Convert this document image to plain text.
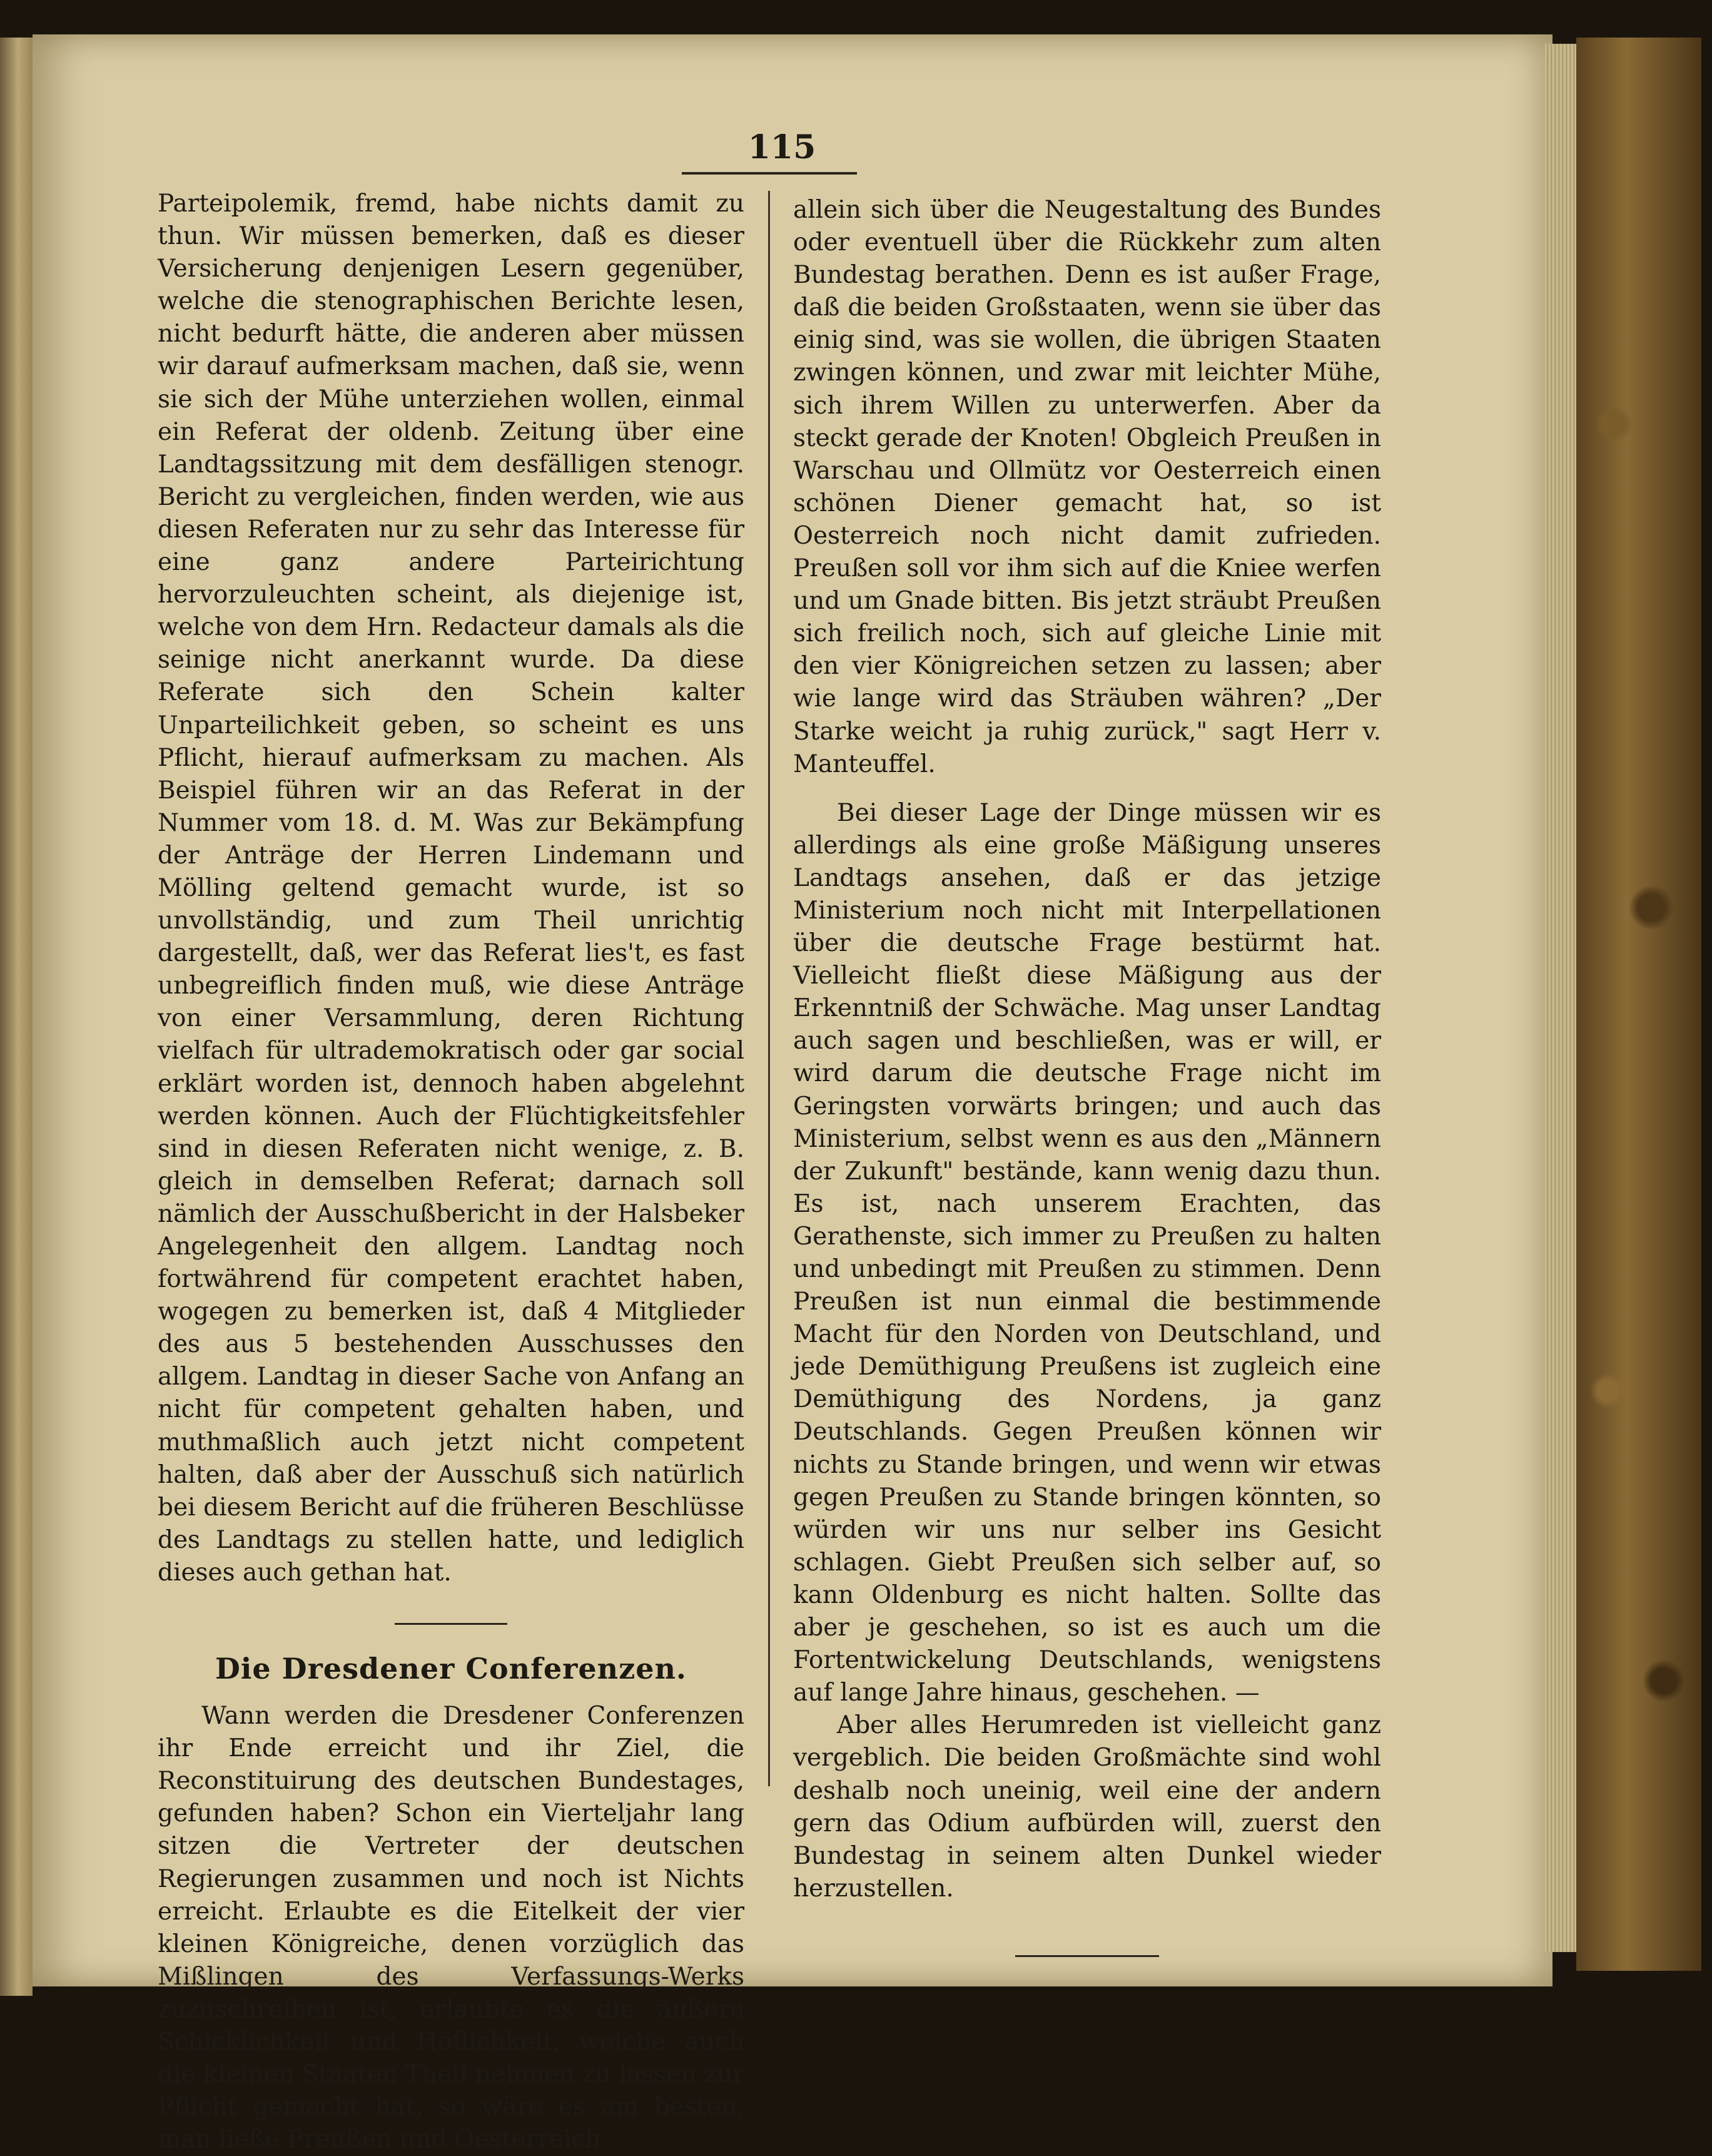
115

Parteipolemik, fremd, habe nichts damit zu thun. Wir müssen bemerken, daß es dieser Versicherung denjenigen Lesern gegenüber, welche die stenographischen Berichte lesen, nicht bedurft hätte, die anderen aber müssen wir darauf aufmerksam machen, daß sie, wenn sie sich der Mühe unterziehen wollen, einmal ein Referat der oldenb. Zeitung über eine Landtagssitzung mit dem desfälligen stenogr. Bericht zu vergleichen, finden werden, wie aus diesen Referaten nur zu sehr das Interesse für eine ganz andere Parteirichtung hervorzuleuchten scheint, als diejenige ist, welche von dem Hrn. Redacteur damals als die seinige nicht anerkannt wurde. Da diese Referate sich den Schein kalter Unparteilichkeit geben, so scheint es uns Pflicht, hierauf aufmerksam zu machen. Als Beispiel führen wir an das Referat in der Nummer vom 18. d. M. Was zur Bekämpfung der Anträge der Herren Lindemann und Mölling geltend gemacht wurde, ist so unvollständig, und zum Theil unrichtig dargestellt, daß, wer das Referat lies't, es fast unbegreiflich finden muß, wie diese Anträge von einer Versammlung, deren Richtung vielfach für ultrademokratisch oder gar social erklärt worden ist, dennoch haben abgelehnt werden können. Auch der Flüchtigkeitsfehler sind in diesen Referaten nicht wenige, z. B. gleich in demselben Referat; darnach soll nämlich der Ausschußbericht in der Halsbeker Angelegenheit den allgem. Landtag noch fortwährend für competent erachtet haben, wogegen zu bemerken ist, daß 4 Mitglieder des aus 5 bestehenden Ausschusses den allgem. Landtag in dieser Sache von Anfang an nicht für competent gehalten haben, und muthmaßlich auch jetzt nicht competent halten, daß aber der Ausschuß sich natürlich bei diesem Bericht auf die früheren Beschlüsse des Landtags zu stellen hatte, und lediglich dieses auch gethan hat.

Die Dresdener Conferenzen.

Wann werden die Dresdener Conferenzen ihr Ende erreicht und ihr Ziel, die Reconstituirung des deutschen Bundestages, gefunden haben? Schon ein Vierteljahr lang sitzen die Vertreter der deutschen Regierungen zusammen und noch ist Nichts erreicht. Erlaubte es die Eitelkeit der vier kleinen Königreiche, denen vorzüglich das Mißlingen des Verfassungs-Werks zuzuschreiben ist, erlaubte es die äußere Schicklichkeit und Höflichkeit, welche auch die kleinen Staaten Theil nehmen zu lassen zur Pflicht gemacht hat, so wäre es am besten, man ließe Preußen und Oesterreich

allein sich über die Neugestaltung des Bundes oder eventuell über die Rückkehr zum alten Bundestag berathen. Denn es ist außer Frage, daß die beiden Großstaaten, wenn sie über das einig sind, was sie wollen, die übrigen Staaten zwingen können, und zwar mit leichter Mühe, sich ihrem Willen zu unterwerfen. Aber da steckt gerade der Knoten! Obgleich Preußen in Warschau und Ollmütz vor Oesterreich einen schönen Diener gemacht hat, so ist Oesterreich noch nicht damit zufrieden. Preußen soll vor ihm sich auf die Kniee werfen und um Gnade bitten. Bis jetzt sträubt Preußen sich freilich noch, sich auf gleiche Linie mit den vier Königreichen setzen zu lassen; aber wie lange wird das Sträuben währen? „Der Starke weicht ja ruhig zurück," sagt Herr v. Manteuffel.

Bei dieser Lage der Dinge müssen wir es allerdings als eine große Mäßigung unseres Landtags ansehen, daß er das jetzige Ministerium noch nicht mit Interpellationen über die deutsche Frage bestürmt hat. Vielleicht fließt diese Mäßigung aus der Erkenntniß der Schwäche. Mag unser Landtag auch sagen und beschließen, was er will, er wird darum die deutsche Frage nicht im Geringsten vorwärts bringen; und auch das Ministerium, selbst wenn es aus den „Männern der Zukunft" bestände, kann wenig dazu thun. Es ist, nach unserem Erachten, das Gerathenste, sich immer zu Preußen zu halten und unbedingt mit Preußen zu stimmen. Denn Preußen ist nun einmal die bestimmende Macht für den Norden von Deutschland, und jede Demüthigung Preußens ist zugleich eine Demüthigung des Nordens, ja ganz Deutschlands. Gegen Preußen können wir nichts zu Stande bringen, und wenn wir etwas gegen Preußen zu Stande bringen könnten, so würden wir uns nur selber ins Gesicht schlagen. Giebt Preußen sich selber auf, so kann Oldenburg es nicht halten. Sollte das aber je geschehen, so ist es auch um die Fortentwickelung Deutschlands, wenigstens auf lange Jahre hinaus, geschehen. —

Aber alles Herumreden ist vielleicht ganz vergeblich. Die beiden Großmächte sind wohl deshalb noch uneinig, weil eine der andern gern das Odium aufbürden will, zuerst den Bundestag in seinem alten Dunkel wieder herzustellen.
